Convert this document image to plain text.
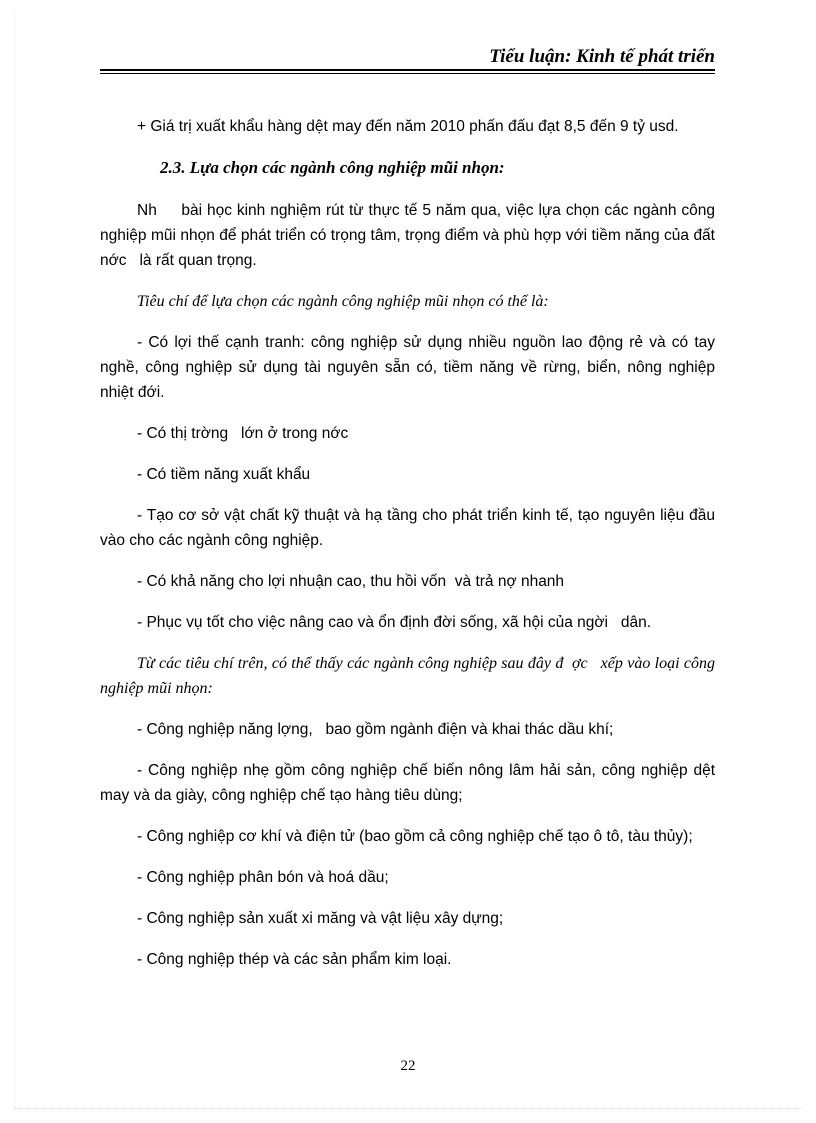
Tiểu luận: Kinh tế phát triển

+ Giá trị xuất khẩu hàng dệt may đến năm 2010 phấn đấu đạt 8,5 đến 9 tỷ usd.

2.3. Lựa chọn các ngành công nghiệp mũi nhọn:

Nh     bài học kinh nghiệm rút từ thực tế 5 năm qua, việc lựa chọn các ngành công nghiệp mũi nhọn để phát triển có trọng tâm, trọng điểm và phù hợp với tiềm năng của đất nớc   là rất quan trọng.

Tiêu chí để lựa chọn các ngành công nghiệp mũi nhọn có thể là:

- Có lợi thế cạnh tranh: công nghiệp sử dụng nhiều nguồn lao động rẻ và có tay nghề, công nghiệp sử dụng tài nguyên sẵn có, tiềm năng về rừng, biển, nông nghiệp nhiệt đới.

- Có thị trờng   lớn ở trong nớc

- Có tiềm năng xuất khẩu

- Tạo cơ sở vật chất kỹ thuật và hạ tầng cho phát triển kinh tế, tạo nguyên liệu đầu vào cho các ngành công nghiệp.

- Có khả năng cho lợi nhuận cao, thu hồi vốn  và trả nợ nhanh

- Phục vụ tốt cho việc nâng cao và ổn định đời sống, xã hội của ngời   dân.

Từ các tiêu chí trên, có thể thấy các ngành công nghiệp sau đây đ  ợc   xếp vào loại công nghiệp mũi nhọn:

- Công nghiệp năng lợng,   bao gồm ngành điện và khai thác dầu khí;

- Công nghiệp nhẹ gồm công nghiệp chế biến nông lâm hải sản, công nghiệp dệt may và da giày, công nghiệp chế tạo hàng tiêu dùng;

- Công nghiệp cơ khí và điện tử (bao gồm cả công nghiệp chế tạo ô tô, tàu thủy);

- Công nghiệp phân bón và hoá dầu;

- Công nghiệp sản xuất xi măng và vật liệu xây dựng;

- Công nghiệp thép và các sản phẩm kim loại.

22
